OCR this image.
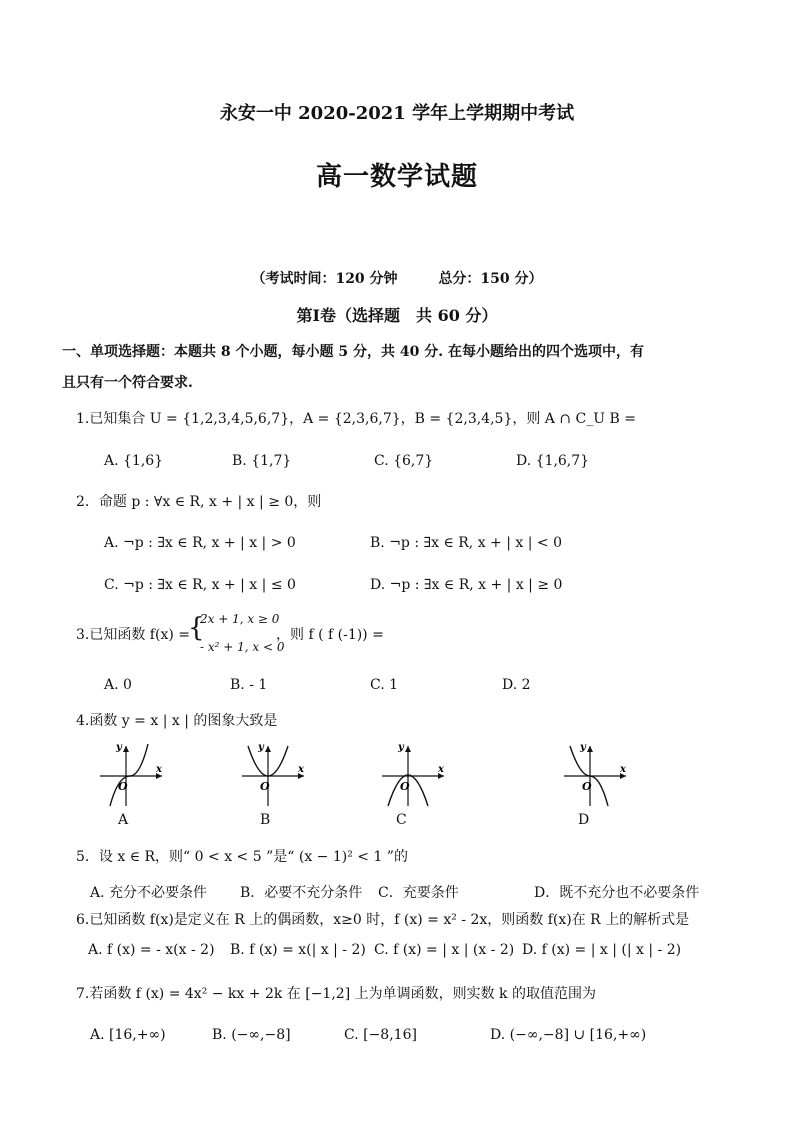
永安一中 2020-2021 学年上学期期中考试
高一数学试题
（考试时间：120 分钟	总分：150 分）
第Ⅰ卷（选择题　共 60 分）
一、单项选择题：本题共 8 个小题，每小题 5 分，共 40 分. 在每小题给出的四个选项中，有
且只有一个符合要求.
1.已知集合 U = {1,2,3,4,5,6,7}，A = {2,3,6,7}，B = {2,3,4,5}，则 A ∩ C_U B =
A. {1,6}	B. {1,7}	C. {6,7}	D. {1,6,7}
2．命题 p : ∀x ∈ R, x + | x | ≥ 0，则
A. ¬p : ∃x ∈ R, x + | x | > 0	B. ¬p : ∃x ∈ R, x + | x | < 0
C. ¬p : ∃x ∈ R, x + | x | ≤ 0	D. ¬p : ∃x ∈ R, x + | x | ≥ 0
3.已知函数 f(x) =
{
2x + 1, x ≥ 0
- x² + 1, x < 0
，则 f ( f (-1)) =
A. 0	B. - 1	C. 1	D. 2
4.函数 y = x | x | 的图象大致是
y
x
O
A
y
x
O
B
y
x
O
C
y
x
O
D
5．设 x ∈ R，则“ 0 < x < 5 ”是“ (x − 1)² < 1 ”的
A. 充分不必要条件 B．必要不充分条件 C．充要条件	D．既不充分也不必要条件
6.已知函数 f(x)是定义在 R 上的偶函数，x≥0 时，f (x) = x² - 2x，则函数 f(x)在 R 上的解析式是
A. f (x) = - x(x - 2) B. f (x) = x(| x | - 2) C. f (x) = | x | (x - 2) D. f (x) = | x | (| x | - 2)
7.若函数 f (x) = 4x² − kx + 2k 在 [−1,2] 上为单调函数，则实数 k 的取值范围为
A. [16,+∞)	B. (−∞,−8]	C. [−8,16]	D. (−∞,−8] ∪ [16,+∞)
